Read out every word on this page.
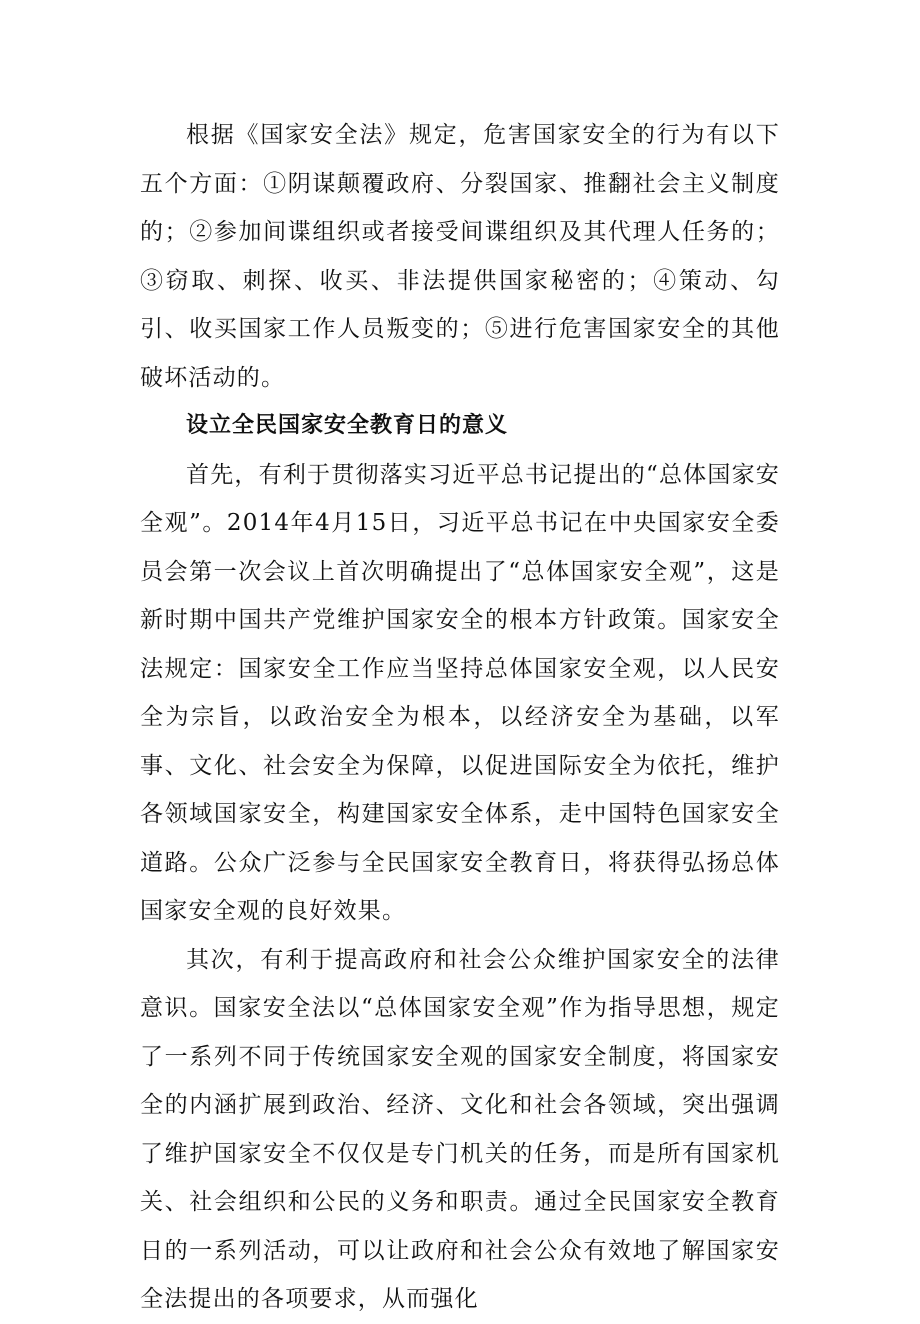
根据《国家安全法》规定，危害国家安全的行为有以下五个方面：①阴谋颠覆政府、分裂国家、推翻社会主义制度的；②参加间谍组织或者接受间谍组织及其代理人任务的；③窃取、刺探、收买、非法提供国家秘密的；④策动、勾引、收买国家工作人员叛变的；⑤进行危害国家安全的其他破坏活动的。

设立全民国家安全教育日的意义

首先，有利于贯彻落实习近平总书记提出的“总体国家安全观”。2014年4月15日，习近平总书记在中央国家安全委员会第一次会议上首次明确提出了“总体国家安全观”，这是新时期中国共产党维护国家安全的根本方针政策。国家安全法规定：国家安全工作应当坚持总体国家安全观，以人民安全为宗旨，以政治安全为根本，以经济安全为基础，以军事、文化、社会安全为保障，以促进国际安全为依托，维护各领域国家安全，构建国家安全体系，走中国特色国家安全道路。公众广泛参与全民国家安全教育日，将获得弘扬总体国家安全观的良好效果。

其次，有利于提高政府和社会公众维护国家安全的法律意识。国家安全法以“总体国家安全观”作为指导思想，规定了一系列不同于传统国家安全观的国家安全制度，将国家安全的内涵扩展到政治、经济、文化和社会各领域，突出强调了维护国家安全不仅仅是专门机关的任务，而是所有国家机关、社会组织和公民的义务和职责。通过全民国家安全教育日的一系列活动，可以让政府和社会公众有效地了解国家安全法提出的各项要求，从而强化
